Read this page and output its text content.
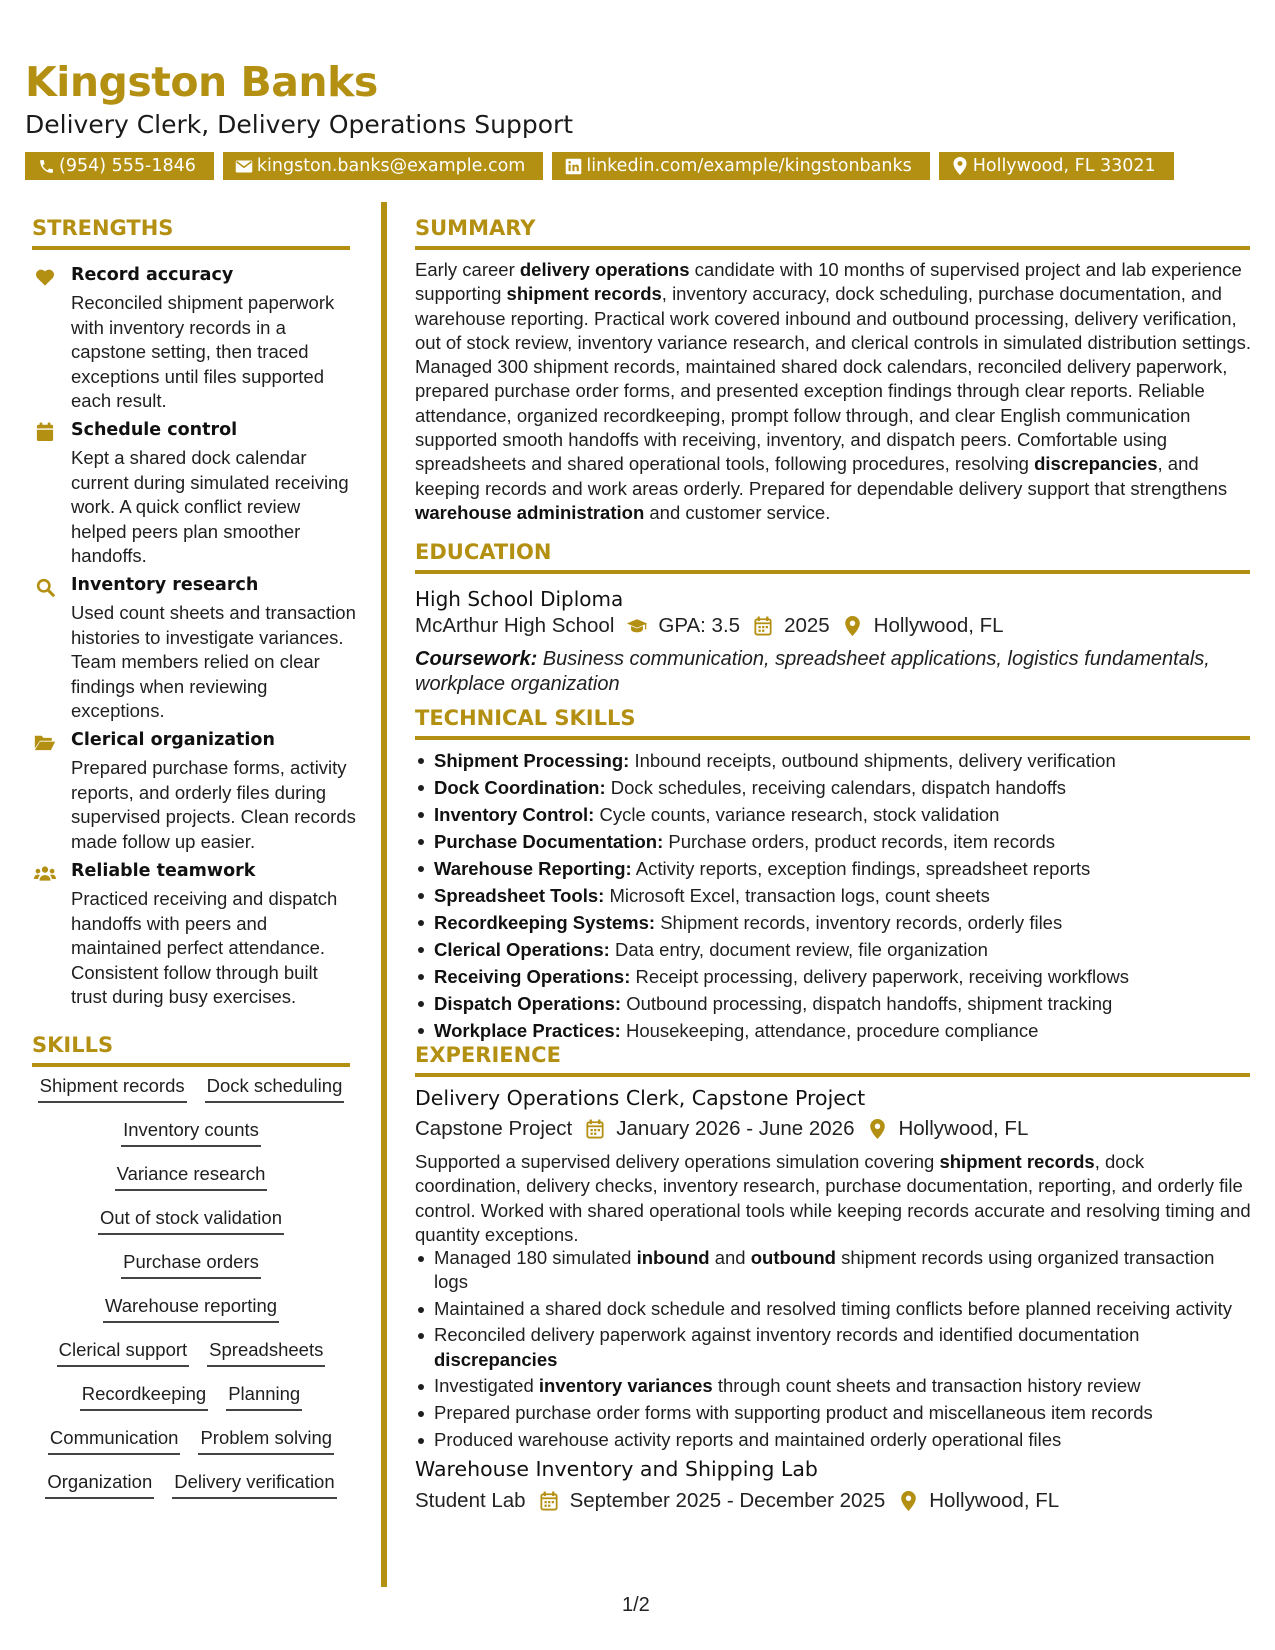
Kingston Banks
Delivery Clerk, Delivery Operations Support
(954) 555-1846	kingston.banks@example.com	linkedin.com/example/kingstonbanks	Hollywood, FL 33021
STRENGTHS
Record accuracy
Reconciled shipment paperwork with inventory records in a capstone setting, then traced exceptions until files supported each result.
Schedule control
Kept a shared dock calendar current during simulated receiving work. A quick conflict review helped peers plan smoother handoffs.
Inventory research
Used count sheets and transaction histories to investigate variances. Team members relied on clear findings when reviewing exceptions.
Clerical organization
Prepared purchase forms, activity reports, and orderly files during supervised projects. Clean records made follow up easier.
Reliable teamwork
Practiced receiving and dispatch handoffs with peers and maintained perfect attendance. Consistent follow through built trust during busy exercises.
SKILLS
Shipment records Dock scheduling
Inventory counts
Variance research
Out of stock validation
Purchase orders
Warehouse reporting
Clerical support Spreadsheets
Recordkeeping Planning
Communication Problem solving
Organization Delivery verification
SUMMARY

Early career delivery operations candidate with 10 months of supervised project and lab experience supporting shipment records, inventory accuracy, dock scheduling, purchase documentation, and warehouse reporting. Practical work covered inbound and outbound processing, delivery verification, out of stock review, inventory variance research, and clerical controls in simulated distribution settings. Managed 300 shipment records, maintained shared dock calendars, reconciled delivery paperwork, prepared purchase order forms, and presented exception findings through clear reports. Reliable attendance, organized recordkeeping, prompt follow through, and clear English communication supported smooth handoffs with receiving, inventory, and dispatch peers. Comfortable using spreadsheets and shared operational tools, following procedures, resolving discrepancies, and keeping records and work areas orderly. Prepared for dependable delivery support that strengthens warehouse administration and customer service.

EDUCATION
High School Diploma
McArthur High School GPA: 3.5 2025 Hollywood, FL

Coursework: Business communication, spreadsheet applications, logistics fundamentals, workplace organization

TECHNICAL SKILLS
Shipment Processing: Inbound receipts, outbound shipments, delivery verification
Dock Coordination: Dock schedules, receiving calendars, dispatch handoffs
Inventory Control: Cycle counts, variance research, stock validation
Purchase Documentation: Purchase orders, product records, item records
Warehouse Reporting: Activity reports, exception findings, spreadsheet reports
Spreadsheet Tools: Microsoft Excel, transaction logs, count sheets
Recordkeeping Systems: Shipment records, inventory records, orderly files
Clerical Operations: Data entry, document review, file organization
Receiving Operations: Receipt processing, delivery paperwork, receiving workflows
Dispatch Operations: Outbound processing, dispatch handoffs, shipment tracking
Workplace Practices: Housekeeping, attendance, procedure compliance
EXPERIENCE
Delivery Operations Clerk, Capstone Project
Capstone Project January 2026 - June 2026 Hollywood, FL

Supported a supervised delivery operations simulation covering shipment records, dock coordination, delivery checks, inventory research, purchase documentation, reporting, and orderly file control. Worked with shared operational tools while keeping records accurate and resolving timing and quantity exceptions.

Managed 180 simulated inbound and outbound shipment records using organized transaction logs
Maintained a shared dock schedule and resolved timing conflicts before planned receiving activity
Reconciled delivery paperwork against inventory records and identified documentation discrepancies
Investigated inventory variances through count sheets and transaction history review
Prepared purchase order forms with supporting product and miscellaneous item records
Produced warehouse activity reports and maintained orderly operational files
Warehouse Inventory and Shipping Lab
Student Lab September 2025 - December 2025 Hollywood, FL
1/2
